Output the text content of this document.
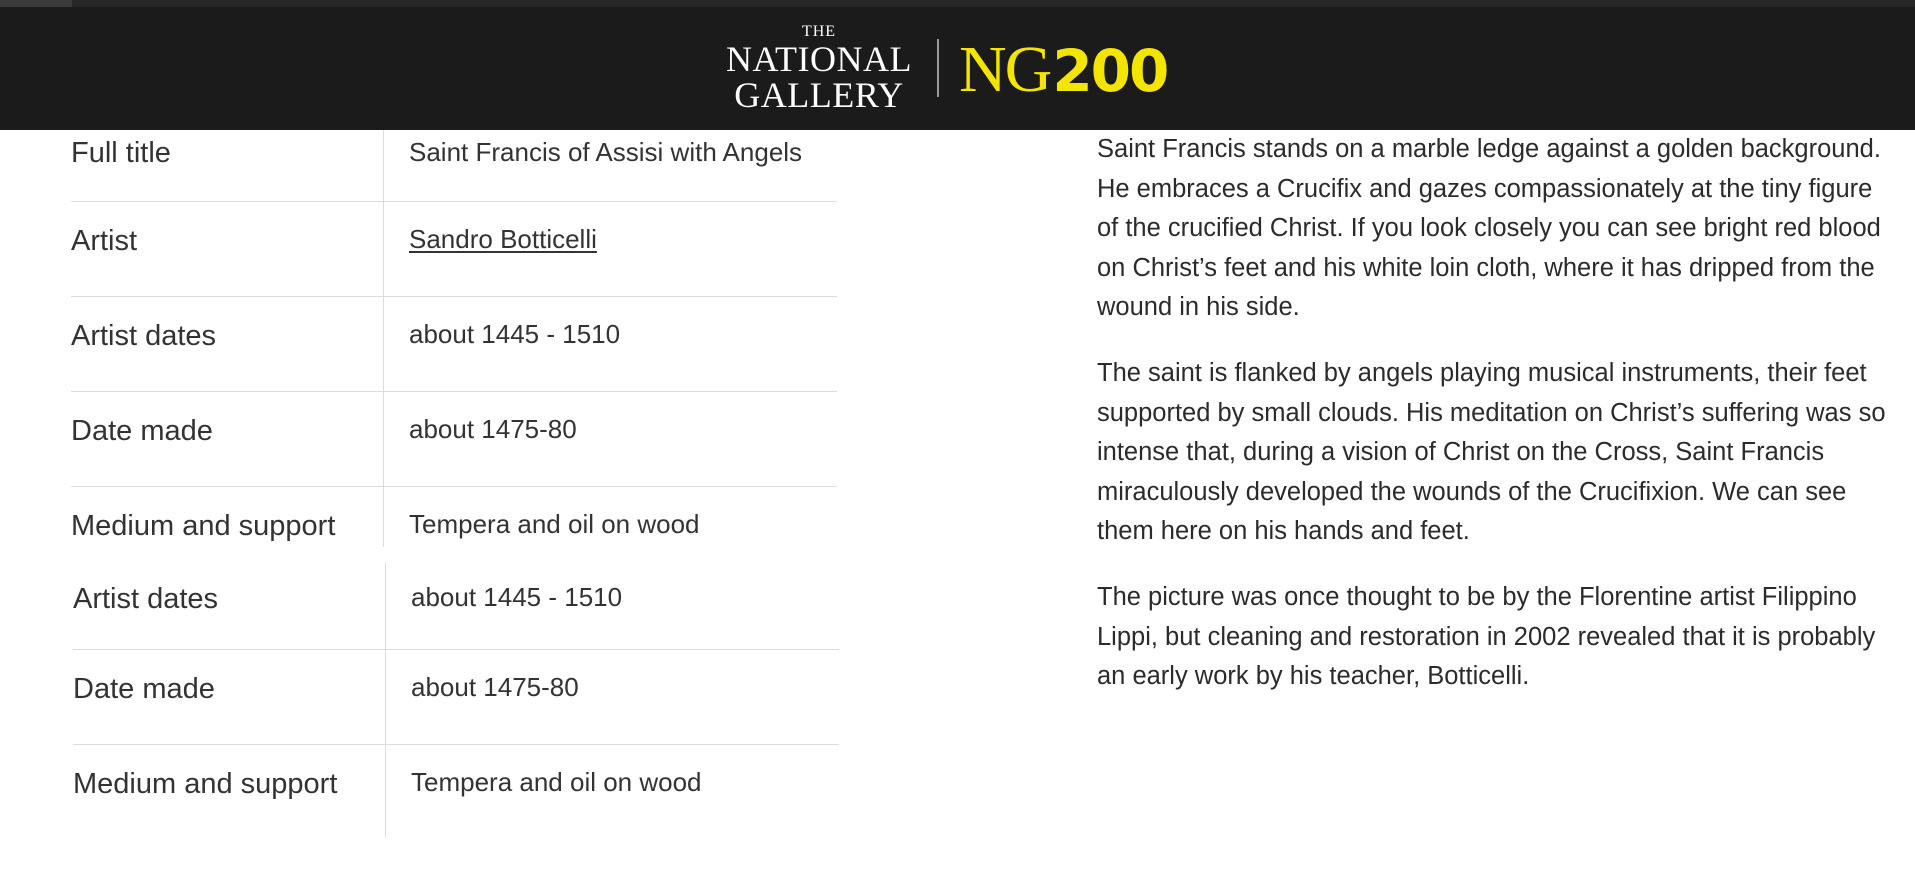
THE
NATIONAL
GALLERY NG 200
Full title	Saint Francis of Assisi with Angels
Artist	Sandro Botticelli
Artist dates	about 1445 - 1510
Date made	about 1475-80
Medium and support	Tempera and oil on wood
Artist dates	about 1445 - 1510
Date made	about 1475-80
Medium and support	Tempera and oil on wood

Saint Francis stands on a marble ledge against a golden background. He embraces a Crucifix and gazes compassionately at the tiny figure of the crucified Christ. If you look closely you can see bright red blood on Christ’s feet and his white loin cloth, where it has dripped from the wound in his side.

The saint is flanked by angels playing musical instruments, their feet supported by small clouds. His meditation on Christ’s suffering was so intense that, during a vision of Christ on the Cross, Saint Francis miraculously developed the wounds of the Crucifixion. We can see them here on his hands and feet.

The picture was once thought to be by the Florentine artist Filippino Lippi, but cleaning and restoration in 2002 revealed that it is probably an early work by his teacher, Botticelli.
